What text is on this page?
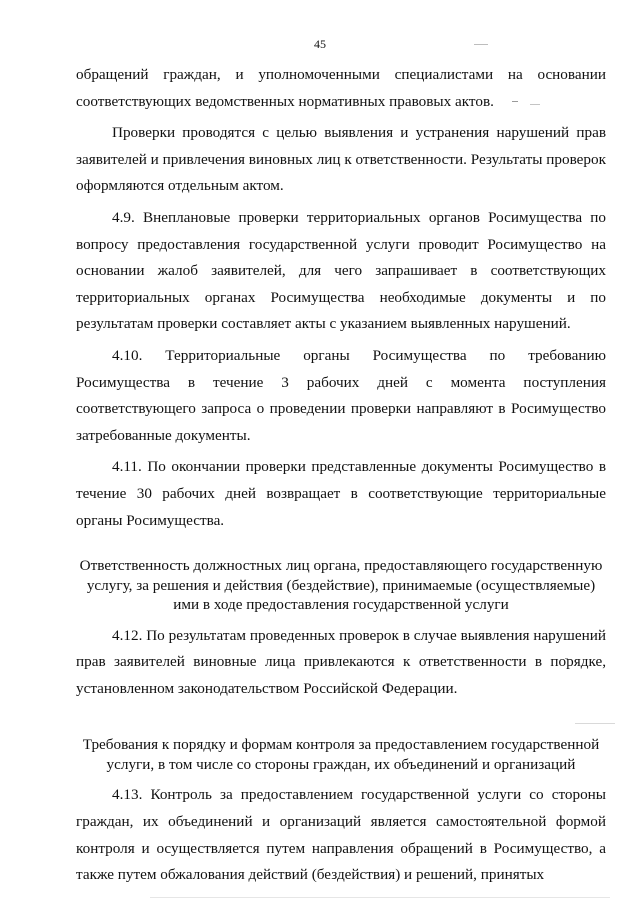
45

обращений граждан, и уполномоченными специалистами на основании соответствующих ведомственных нормативных правовых актов.

Проверки проводятся с целью выявления и устранения нарушений прав заявителей и привлечения виновных лиц к ответственности. Результаты проверок оформляются отдельным актом.

4.9. Внеплановые проверки территориальных органов Росимущества по вопросу предоставления государственной услуги проводит Росимущество на основании жалоб заявителей, для чего запрашивает в соответствующих территориальных органах Росимущества необходимые документы и по результатам проверки составляет акты с указанием выявленных нарушений.

4.10. Территориальные органы Росимущества по требованию Росимущества в течение 3 рабочих дней с момента поступления соответствующего запроса о проведении проверки направляют в Росимущество затребованные документы.

4.11. По окончании проверки представленные документы Росимущество в течение 30 рабочих дней возвращает в соответствующие территориальные органы Росимущества.

Ответственность должностных лиц органа, предоставляющего государственную
услугу, за решения и действия (бездействие), принимаемые (осуществляемые)
ими в ходе предоставления государственной услуги

4.12. По результатам проведенных проверок в случае выявления нарушений прав заявителей виновные лица привлекаются к ответственности в порядке, установленном законодательством Российской Федерации.

Требования к порядку и формам контроля за предоставлением государственной
услуги, в том числе со стороны граждан, их объединений и организаций

4.13. Контроль за предоставлением государственной услуги со стороны граждан, их объединений и организаций является самостоятельной формой контроля и осуществляется путем направления обращений в Росимущество, а также путем обжалования действий (бездействия) и решений, принятых
